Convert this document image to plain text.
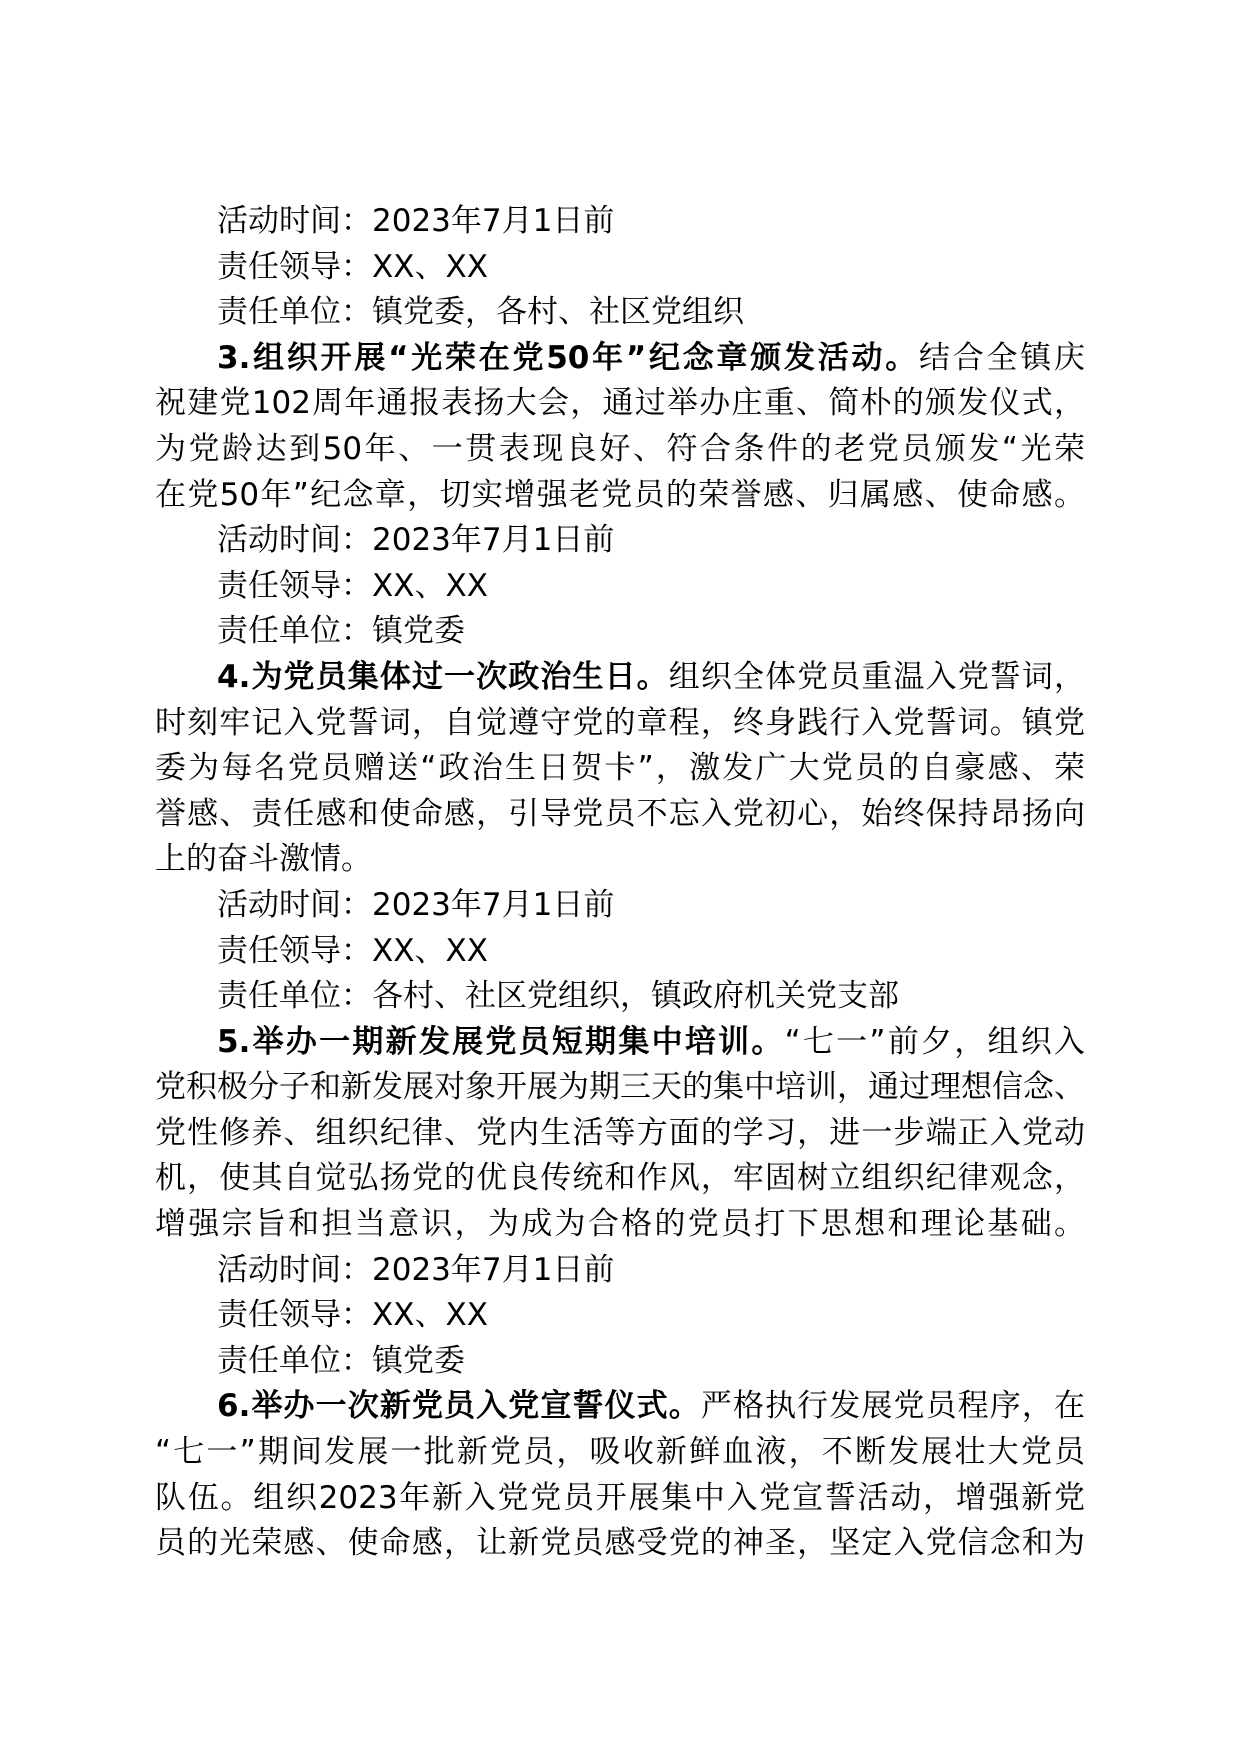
活动时间：2023年7月1日前
责任领导：XX、XX
责任单位：镇党委，各村、社区党组织
3.组织开展“光荣在党50年”纪念章颁发活动。结合全镇庆
祝建党102周年通报表扬大会，通过举办庄重、简朴的颁发仪式，
为党龄达到50年、一贯表现良好、符合条件的老党员颁发“光荣
在党50年”纪念章，切实增强老党员的荣誉感、归属感、使命感。
活动时间：2023年7月1日前
责任领导：XX、XX
责任单位：镇党委
4.为党员集体过一次政治生日。组织全体党员重温入党誓词，
时刻牢记入党誓词，自觉遵守党的章程，终身践行入党誓词。镇党
委为每名党员赠送“政治生日贺卡”，激发广大党员的自豪感、荣
誉感、责任感和使命感，引导党员不忘入党初心，始终保持昂扬向
上的奋斗激情。
活动时间：2023年7月1日前
责任领导：XX、XX
责任单位：各村、社区党组织，镇政府机关党支部
5.举办一期新发展党员短期集中培训。“七一”前夕，组织入
党积极分子和新发展对象开展为期三天的集中培训，通过理想信念、
党性修养、组织纪律、党内生活等方面的学习，进一步端正入党动
机，使其自觉弘扬党的优良传统和作风，牢固树立组织纪律观念，
增强宗旨和担当意识，为成为合格的党员打下思想和理论基础。
活动时间：2023年7月1日前
责任领导：XX、XX
责任单位：镇党委
6.举办一次新党员入党宣誓仪式。严格执行发展党员程序，在
“七一”期间发展一批新党员，吸收新鲜血液，不断发展壮大党员
队伍。组织2023年新入党党员开展集中入党宣誓活动，增强新党
员的光荣感、使命感，让新党员感受党的神圣，坚定入党信念和为
